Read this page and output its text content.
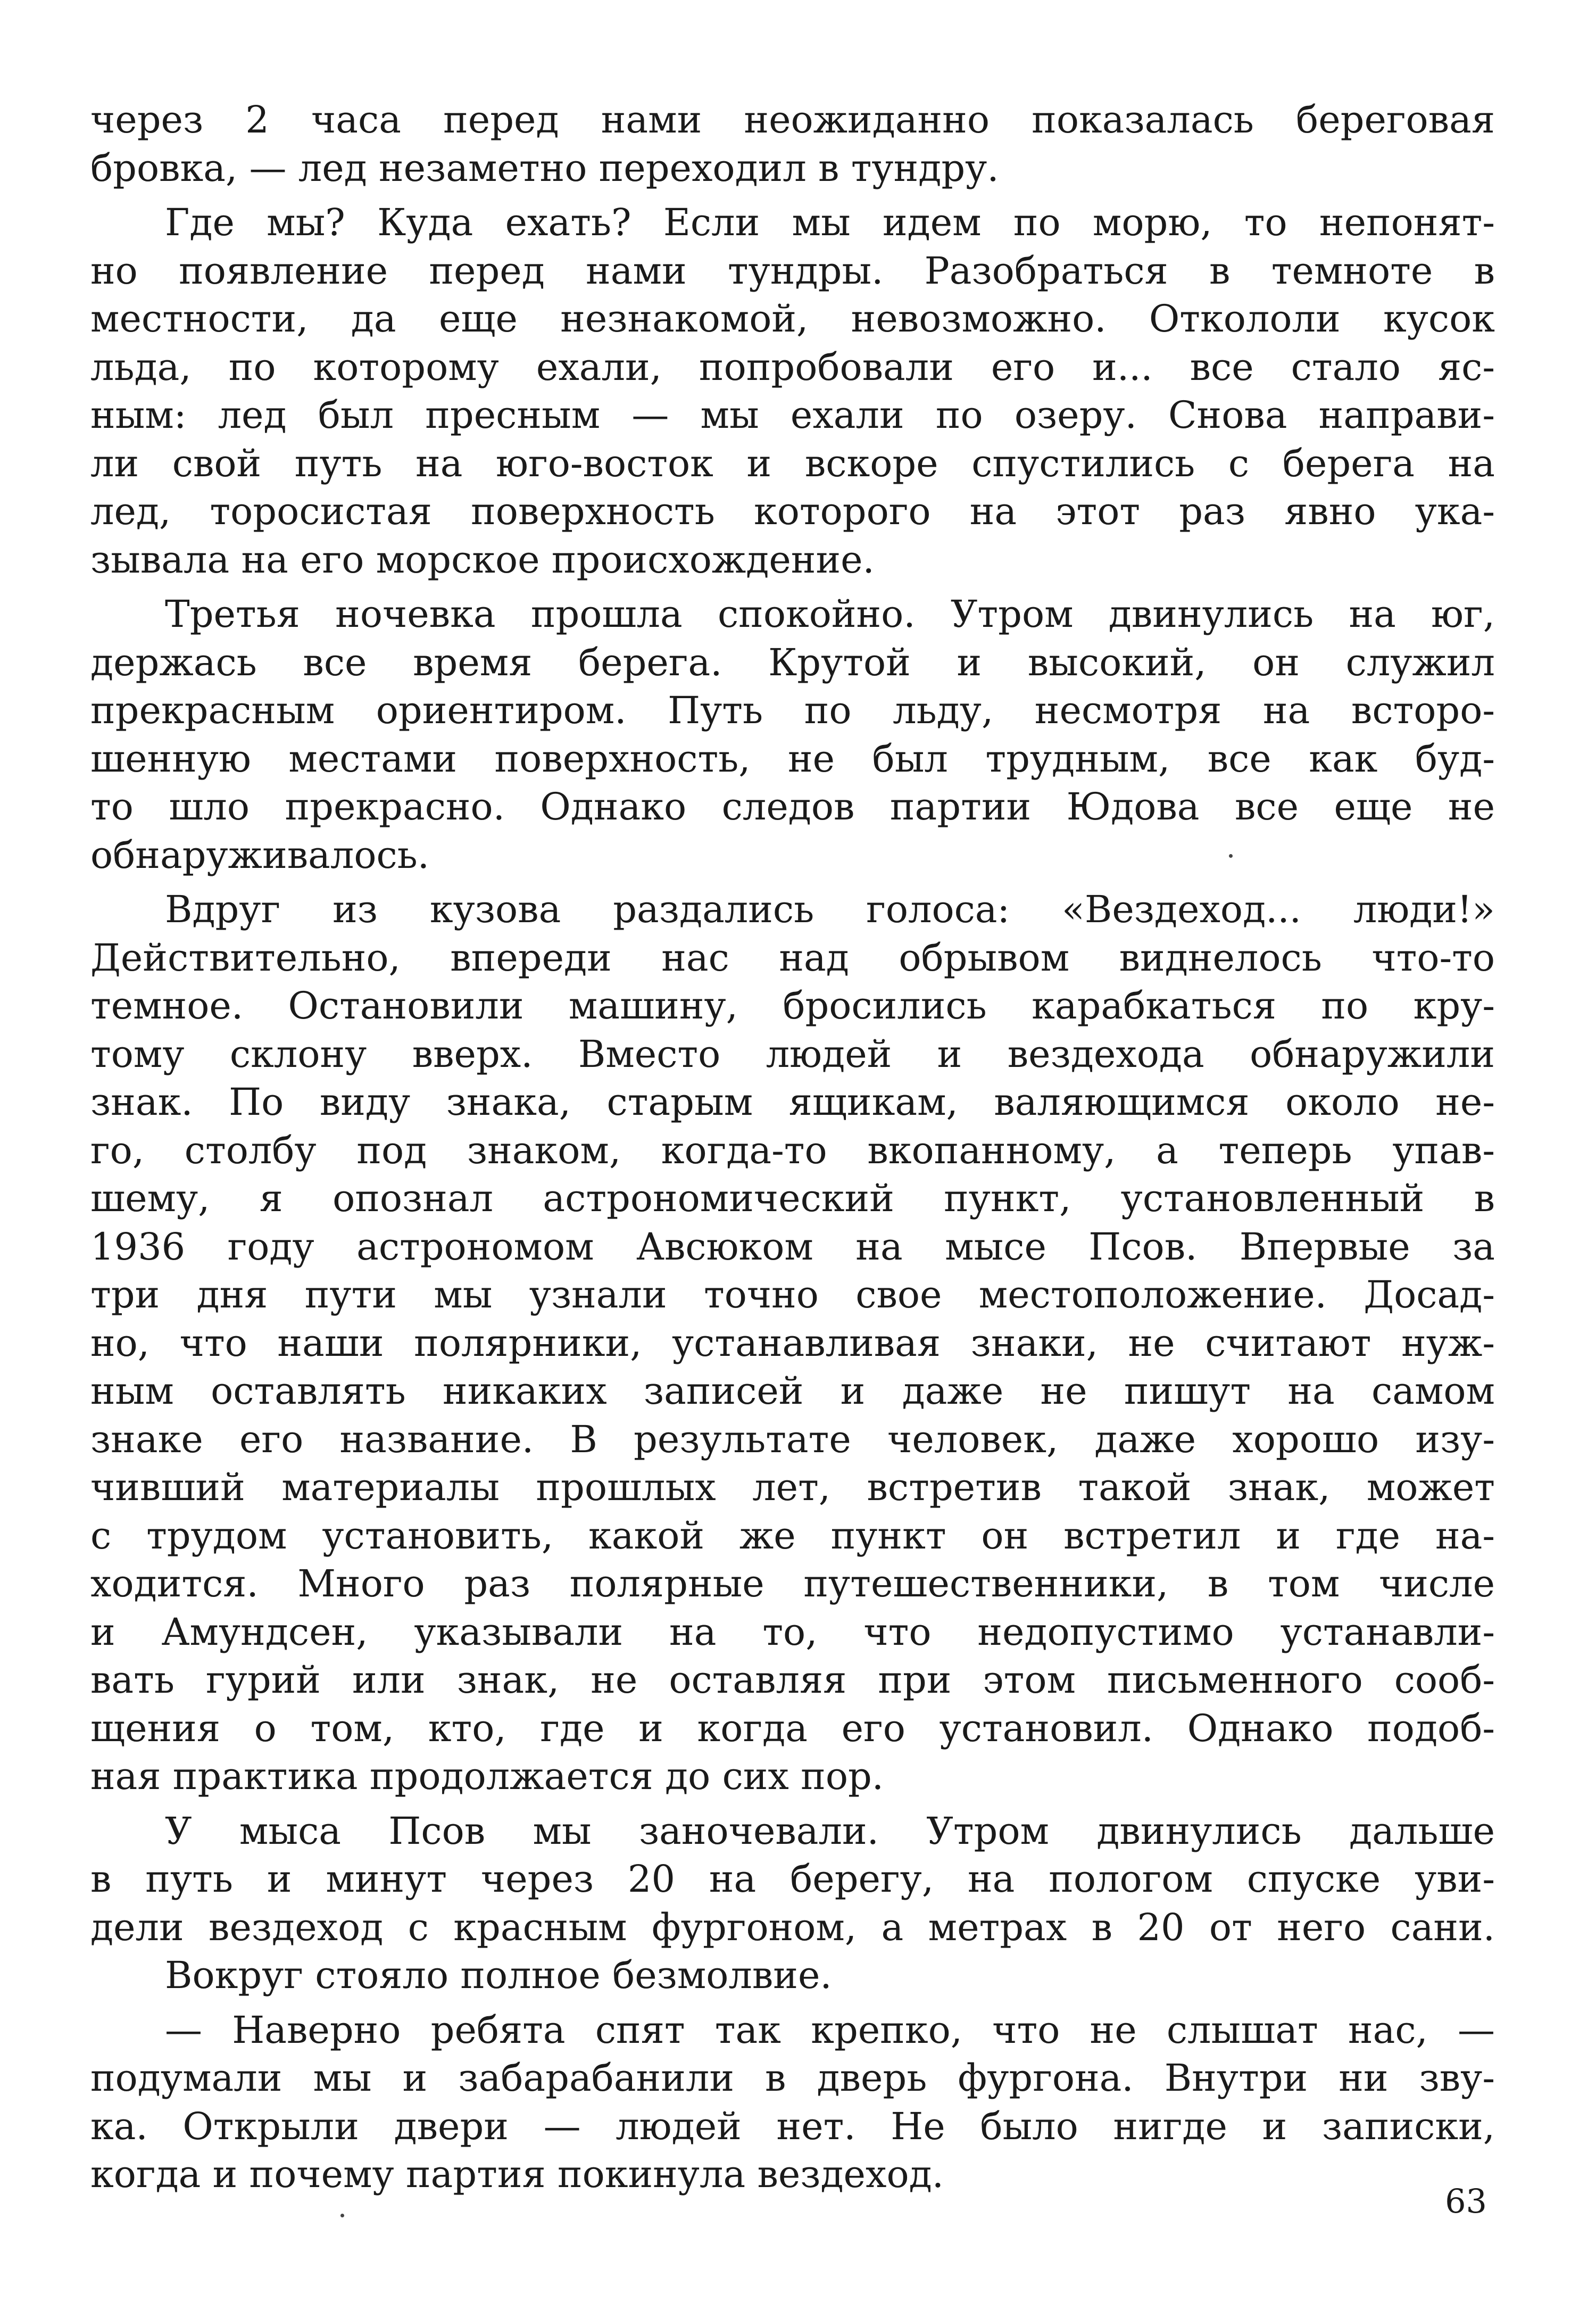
через 2 часа перед нами неожиданно показалась береговая
бровка, — лед незаметно переходил в тундру.
Где мы? Куда ехать? Если мы идем по морю, то непонят-
но появление перед нами тундры. Разобраться в темноте в
местности, да еще незнакомой, невозможно. Откололи кусок
льда, по которому ехали, попробовали его и... все стало яс-
ным: лед был пресным — мы ехали по озеру. Снова направи-
ли свой путь на юго-восток и вскоре спустились с берега на
лед, торосистая поверхность которого на этот раз явно ука-
зывала на его морское происхождение.
Третья ночевка прошла спокойно. Утром двинулись на юг,
держась все время берега. Крутой и высокий, он служил
прекрасным ориентиром. Путь по льду, несмотря на всторо-
шенную местами поверхность, не был трудным, все как буд-
то шло прекрасно. Однако следов партии Юдова все еще не
обнаруживалось.
Вдруг из кузова раздались голоса: «Вездеход... люди!»
Действительно, впереди нас над обрывом виднелось что-то
темное. Остановили машину, бросились карабкаться по кру-
тому склону вверх. Вместо людей и вездехода обнаружили
знак. По виду знака, старым ящикам, валяющимся около не-
го, столбу под знаком, когда-то вкопанному, а теперь упав-
шему, я опознал астрономический пункт, установленный в
1936 году астрономом Авсюком на мысе Псов. Впервые за
три дня пути мы узнали точно свое местоположение. Досад-
но, что наши полярники, устанавливая знаки, не считают нуж-
ным оставлять никаких записей и даже не пишут на самом
знаке его название. В результате человек, даже хорошо изу-
чивший материалы прошлых лет, встретив такой знак, может
с трудом установить, какой же пункт он встретил и где на-
ходится. Много раз полярные путешественники, в том числе
и Амундсен, указывали на то, что недопустимо устанавли-
вать гурий или знак, не оставляя при этом письменного сооб-
щения о том, кто, где и когда его установил. Однако подоб-
ная практика продолжается до сих пор.
У мыса Псов мы заночевали. Утром двинулись дальше
в путь и минут через 20 на берегу, на пологом спуске уви-
дели вездеход с красным фургоном, а метрах в 20 от него сани.
Вокруг стояло полное безмолвие.
— Наверно ребята спят так крепко, что не слышат нас, —
подумали мы и забарабанили в дверь фургона. Внутри ни зву-
ка. Открыли двери — людей нет. Не было нигде и записки,
когда и почему партия покинула вездеход.
63
